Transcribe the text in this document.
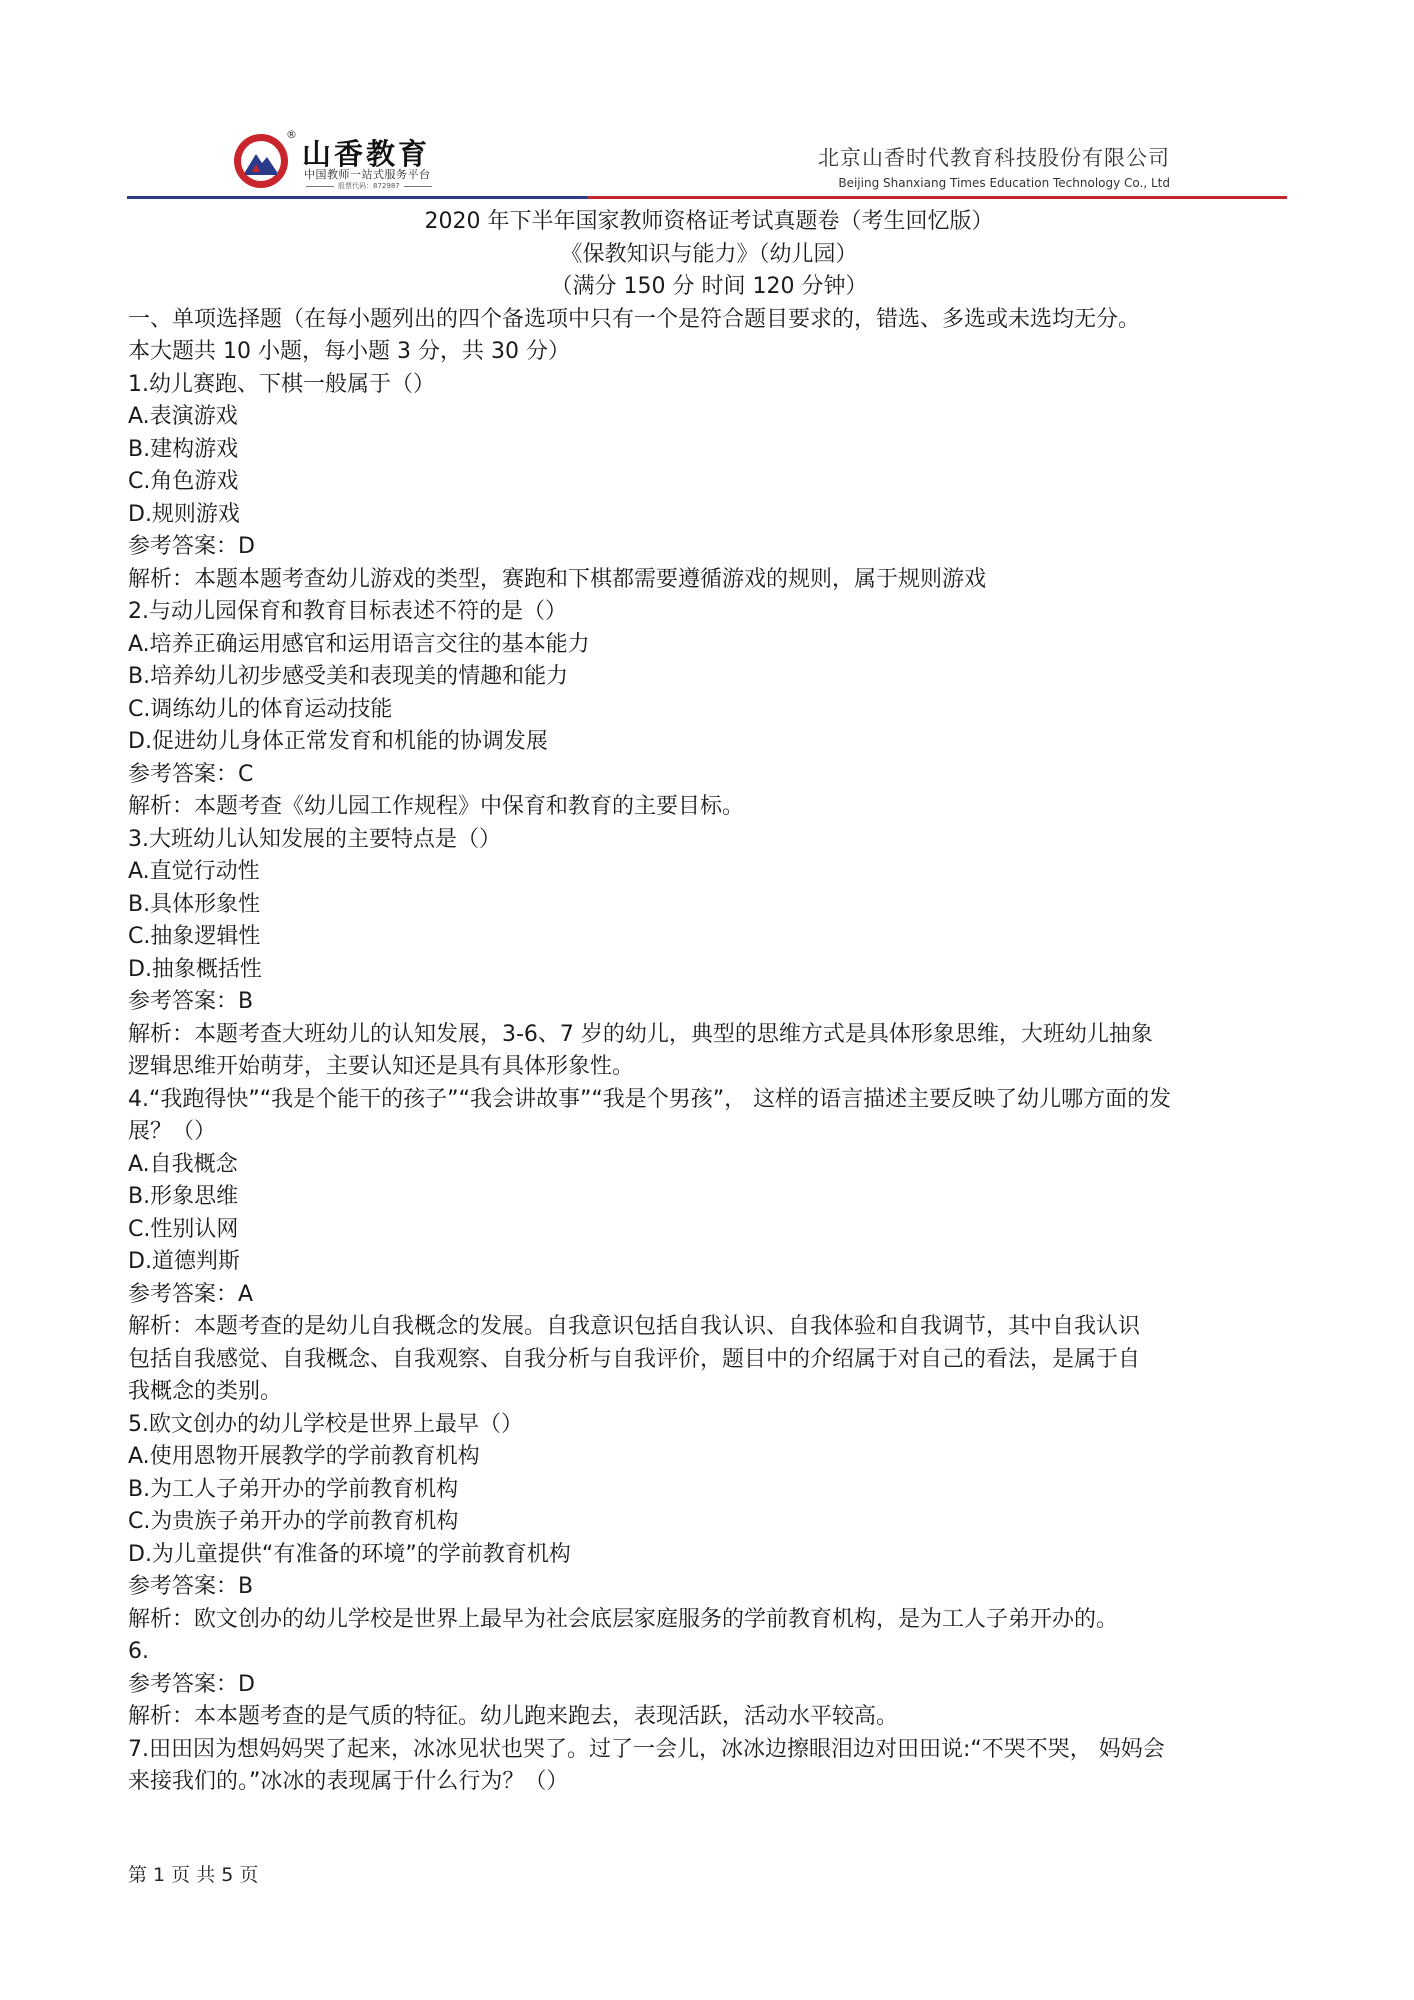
®
山香教育
中国教师一站式服务平台
股票代码：872987
北京山香时代教育科技股份有限公司
Beijing Shanxiang Times Education Technology Co., Ltd

2020 年下半年国家教师资格证考试真题卷（考生回忆版）

《保教知识与能力》（幼儿园）

（满分 150 分 时间 120 分钟）

一、单项选择题（在每小题列出的四个备选项中只有一个是符合题目要求的，错选、多选或未选均无分。

本大题共 10 小题，每小题 3 分，共 30 分）

1.幼儿赛跑、下棋一般属于（）

A.表演游戏

B.建构游戏

C.角色游戏

D.规则游戏

参考答案：D

解析：本题本题考查幼儿游戏的类型，赛跑和下棋都需要遵循游戏的规则，属于规则游戏

2.与动儿园保育和教育目标表述不符的是（）

A.培养正确运用感官和运用语言交往的基本能力

B.培养幼儿初步感受美和表现美的情趣和能力

C.调练幼儿的体育运动技能

D.促进幼儿身体正常发育和机能的协调发展

参考答案：C

解析：本题考查《幼儿园工作规程》中保育和教育的主要目标。

3.大班幼儿认知发展的主要特点是（）

A.直觉行动性

B.具体形象性

C.抽象逻辑性

D.抽象概括性

参考答案：B

解析：本题考查大班幼儿的认知发展，3-6、7 岁的幼儿，典型的思维方式是具体形象思维，大班幼儿抽象

逻辑思维开始萌芽，主要认知还是具有具体形象性。

4.“我跑得快”“我是个能干的孩子”“我会讲故事”“我是个男孩”， 这样的语言描述主要反映了幼儿哪方面的发

展？（）

A.自我概念

B.形象思维

C.性别认网

D.道德判斯

参考答案：A

解析：本题考查的是幼儿自我概念的发展。自我意识包括自我认识、自我体验和自我调节，其中自我认识

包括自我感觉、自我概念、自我观察、自我分析与自我评价，题目中的介绍属于对自己的看法，是属于自

我概念的类别。

5.欧文创办的幼儿学校是世界上最早（）

A.使用恩物开展教学的学前教育机构

B.为工人子弟开办的学前教育机构

C.为贵族子弟开办的学前教育机构

D.为儿童提供“有准备的环境”的学前教育机构

参考答案：B

解析：欧文创办的幼儿学校是世界上最早为社会底层家庭服务的学前教育机构，是为工人子弟开办的。

6.

参考答案：D

解析：本本题考查的是气质的特征。幼儿跑来跑去，表现活跃，活动水平较高。

7.田田因为想妈妈哭了起来，冰冰见状也哭了。过了一会儿，冰冰边擦眼泪边对田田说:“不哭不哭， 妈妈会

来接我们的。”冰冰的表现属于什么行为？（）

第 1 页 共 5 页
